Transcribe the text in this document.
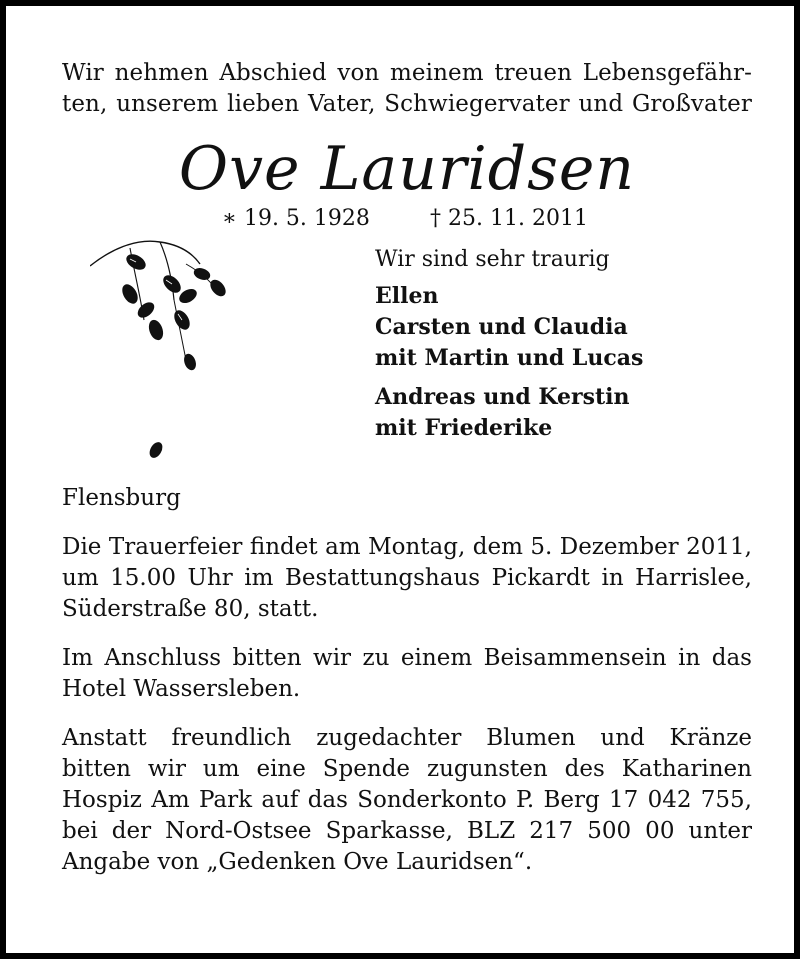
Wir nehmen Abschied von meinem treuen Lebensgefähr-
ten, unserem lieben Vater, Schwiegervater und Großvater

Ove Lauridsen
∗ 19. 5. 1928	† 25. 11. 2011
Wir sind sehr traurig
Ellen
Carsten und Claudia
mit Martin und Lucas
Andreas und Kerstin
mit Friederike
Flensburg

Die Trauerfeier findet am Montag, dem 5. Dezember 2011,
um 15.00 Uhr im Bestattungshaus Pickardt in Harrislee,
Süderstraße 80, statt.

Im Anschluss bitten wir zu einem Beisammensein in das
Hotel Wassersleben.

Anstatt freundlich zugedachter Blumen und Kränze
bitten wir um eine Spende zugunsten des Katharinen
Hospiz Am Park auf das Sonderkonto P. Berg 17 042 755,
bei der Nord-Ostsee Sparkasse, BLZ 217 500 00 unter
Angabe von „Gedenken Ove Lauridsen“.
